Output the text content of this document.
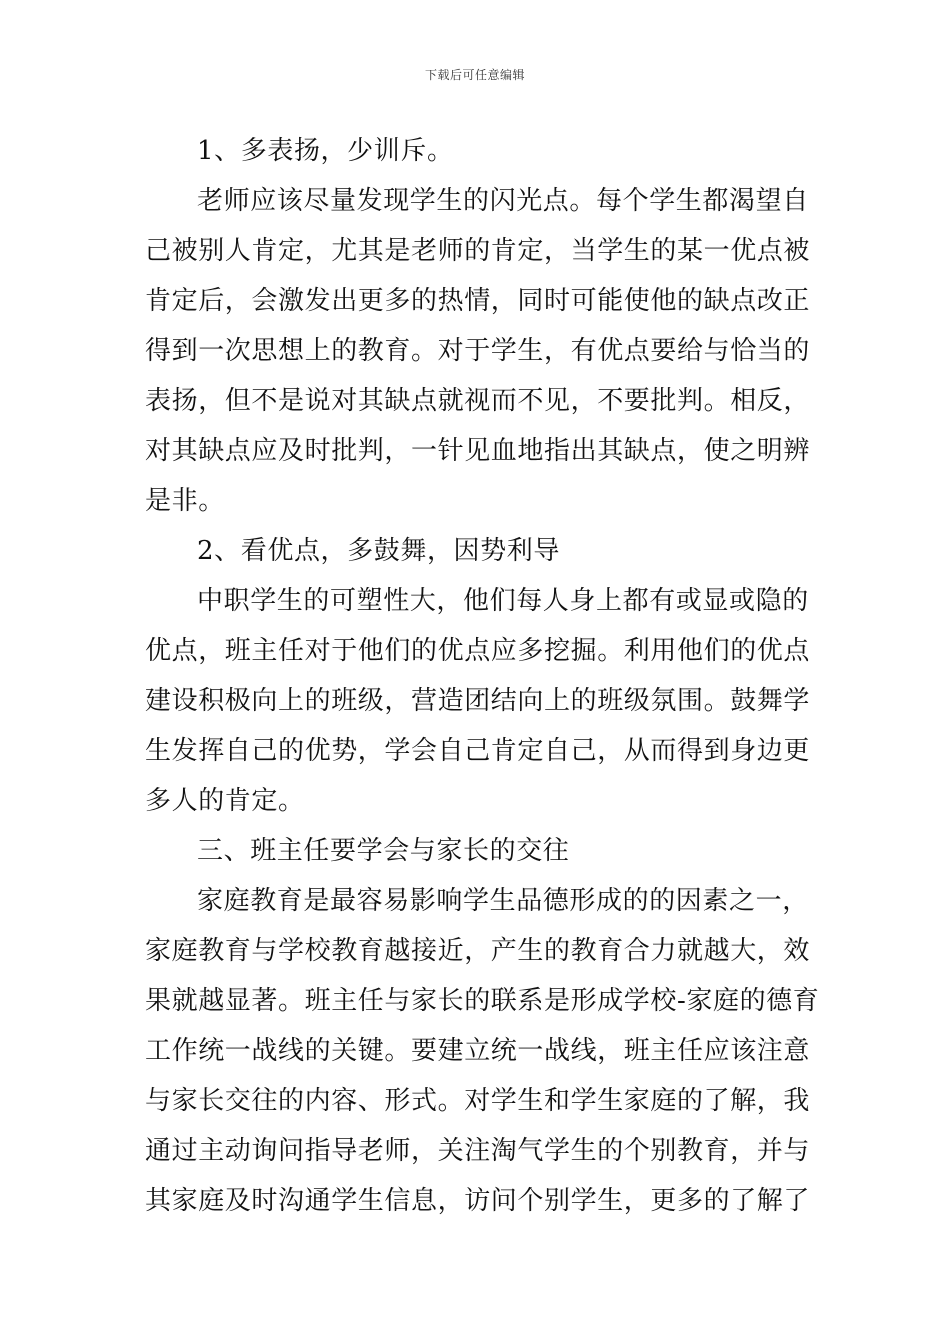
下载后可任意编辑
1、多表扬，少训斥。
老师应该尽量发现学生的闪光点。每个学生都渴望自
己被别人肯定，尤其是老师的肯定，当学生的某一优点被
肯定后，会激发出更多的热情，同时可能使他的缺点改正
得到一次思想上的教育。对于学生，有优点要给与恰当的
表扬，但不是说对其缺点就视而不见，不要批判。相反，
对其缺点应及时批判，一针见血地指出其缺点，使之明辨
是非。
2、看优点，多鼓舞，因势利导
中职学生的可塑性大，他们每人身上都有或显或隐的
优点，班主任对于他们的优点应多挖掘。利用他们的优点
建设积极向上的班级，营造团结向上的班级氛围。鼓舞学
生发挥自己的优势，学会自己肯定自己，从而得到身边更
多人的肯定。
三、班主任要学会与家长的交往
家庭教育是最容易影响学生品德形成的的因素之一，
家庭教育与学校教育越接近，产生的教育合力就越大，效
果就越显著。班主任与家长的联系是形成学校-家庭的德育
工作统一战线的关键。要建立统一战线，班主任应该注意
与家长交往的内容、形式。对学生和学生家庭的了解，我
通过主动询问指导老师，关注淘气学生的个别教育，并与
其家庭及时沟通学生信息，访问个别学生，更多的了解了
